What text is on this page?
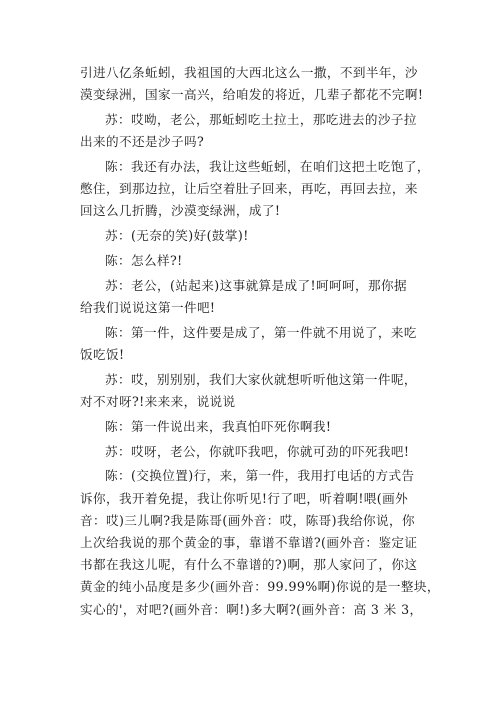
引进八亿条蚯蚓，我祖国的大西北这么一撒，不到半年，沙
漠变绿洲，国家一高兴，给咱发的将近，几辈子都花不完啊!
苏：哎呦，老公，那蚯蚓吃土拉土，那吃进去的沙子拉
出来的不还是沙子吗?
陈：我还有办法，我让这些蚯蚓，在咱们这把土吃饱了，
憋住，到那边拉，让后空着肚子回来，再吃，再回去拉，来
回这么几折腾，沙漠变绿洲，成了!
苏：(无奈的笑)好(鼓掌)!
陈：怎么样?!
苏：老公，(站起来)这事就算是成了!呵呵呵，那你据
给我们说说这第一件吧!
陈：第一件，这件要是成了，第一件就不用说了，来吃
饭吃饭!
苏：哎，别别别，我们大家伙就想听听他这第一件呢，
对不对呀?!来来来，说说说
陈：第一件说出来，我真怕吓死你啊我!
苏：哎呀，老公，你就吓我吧，你就可劲的吓死我吧!
陈：(交换位置)行，来，第一件，我用打电话的方式告
诉你，我开着免提，我让你听见!行了吧，听着啊!喂(画外
音：哎)三儿啊?我是陈哥(画外音：哎，陈哥)我给你说，你
上次给我说的那个黄金的事，靠谱不靠谱?(画外音：鉴定证
书都在我这儿呢，有什么不靠谱的?)啊，那人家问了，你这
黄金的纯小品度是多少(画外音：99.99%啊)你说的是一整块，
实心的'，对吧?(画外音：啊!)多大啊?(画外音：高 3 米 3，
